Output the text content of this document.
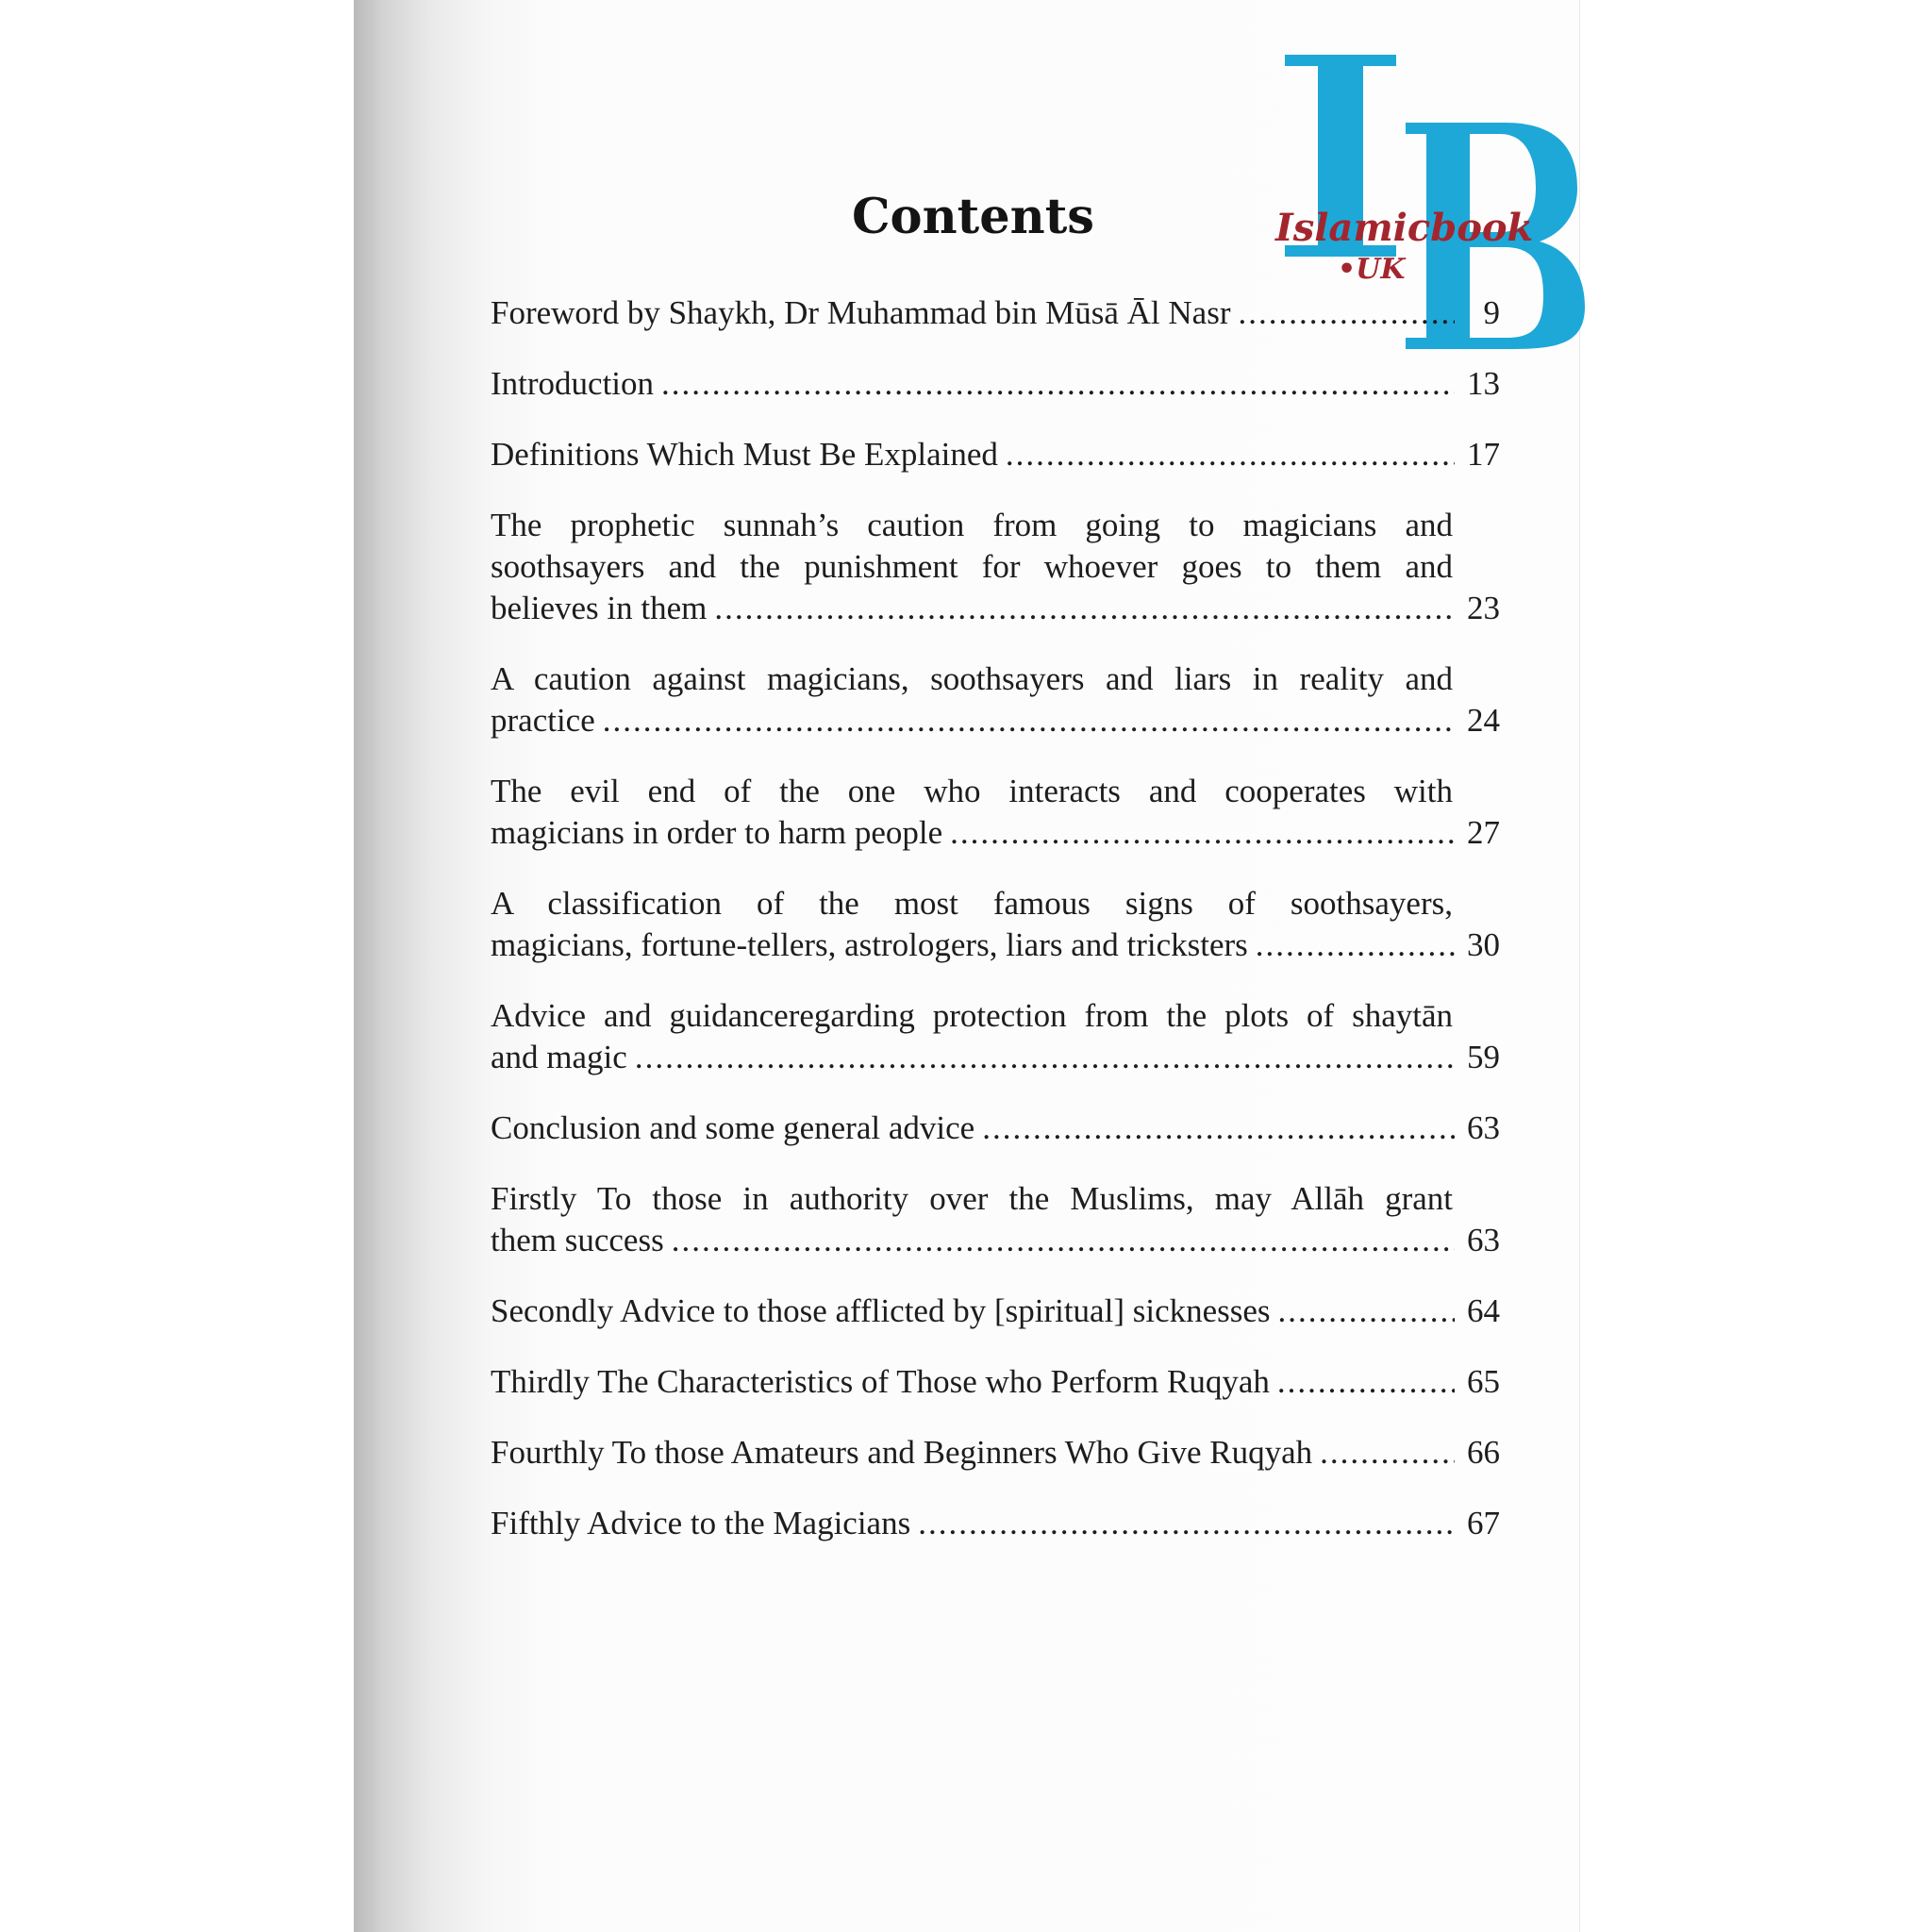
Contents	Islamicbook
•UK
Foreword by Shaykh, Dr Muhammad bin Mūsā Āl Nasr .....	9
Introduction .....	13
Definitions Which Must Be Explained .....	17
The prophetic sunnah’s caution from going to magicians and
soothsayers and the punishment for whoever goes to them and
believes in them .....	23
A caution against magicians, soothsayers and liars in reality and
practice .....	24
The evil end of the one who interacts and cooperates with
magicians in order to harm people .....	27
A classification of the most famous signs of soothsayers,
magicians, fortune-tellers, astrologers, liars and tricksters .....	30
Advice and guidanceregarding protection from the plots of shaytān
and magic .....	59
Conclusion and some general advice .....	63
Firstly To those in authority over the Muslims, may Allāh grant
them success .....	63
Secondly Advice to those afflicted by [spiritual] sicknesses .....	64
Thirdly The Characteristics of Those who Perform Ruqyah .....	65
Fourthly To those Amateurs and Beginners Who Give Ruqyah .....	66
Fifthly Advice to the Magicians .....	67
